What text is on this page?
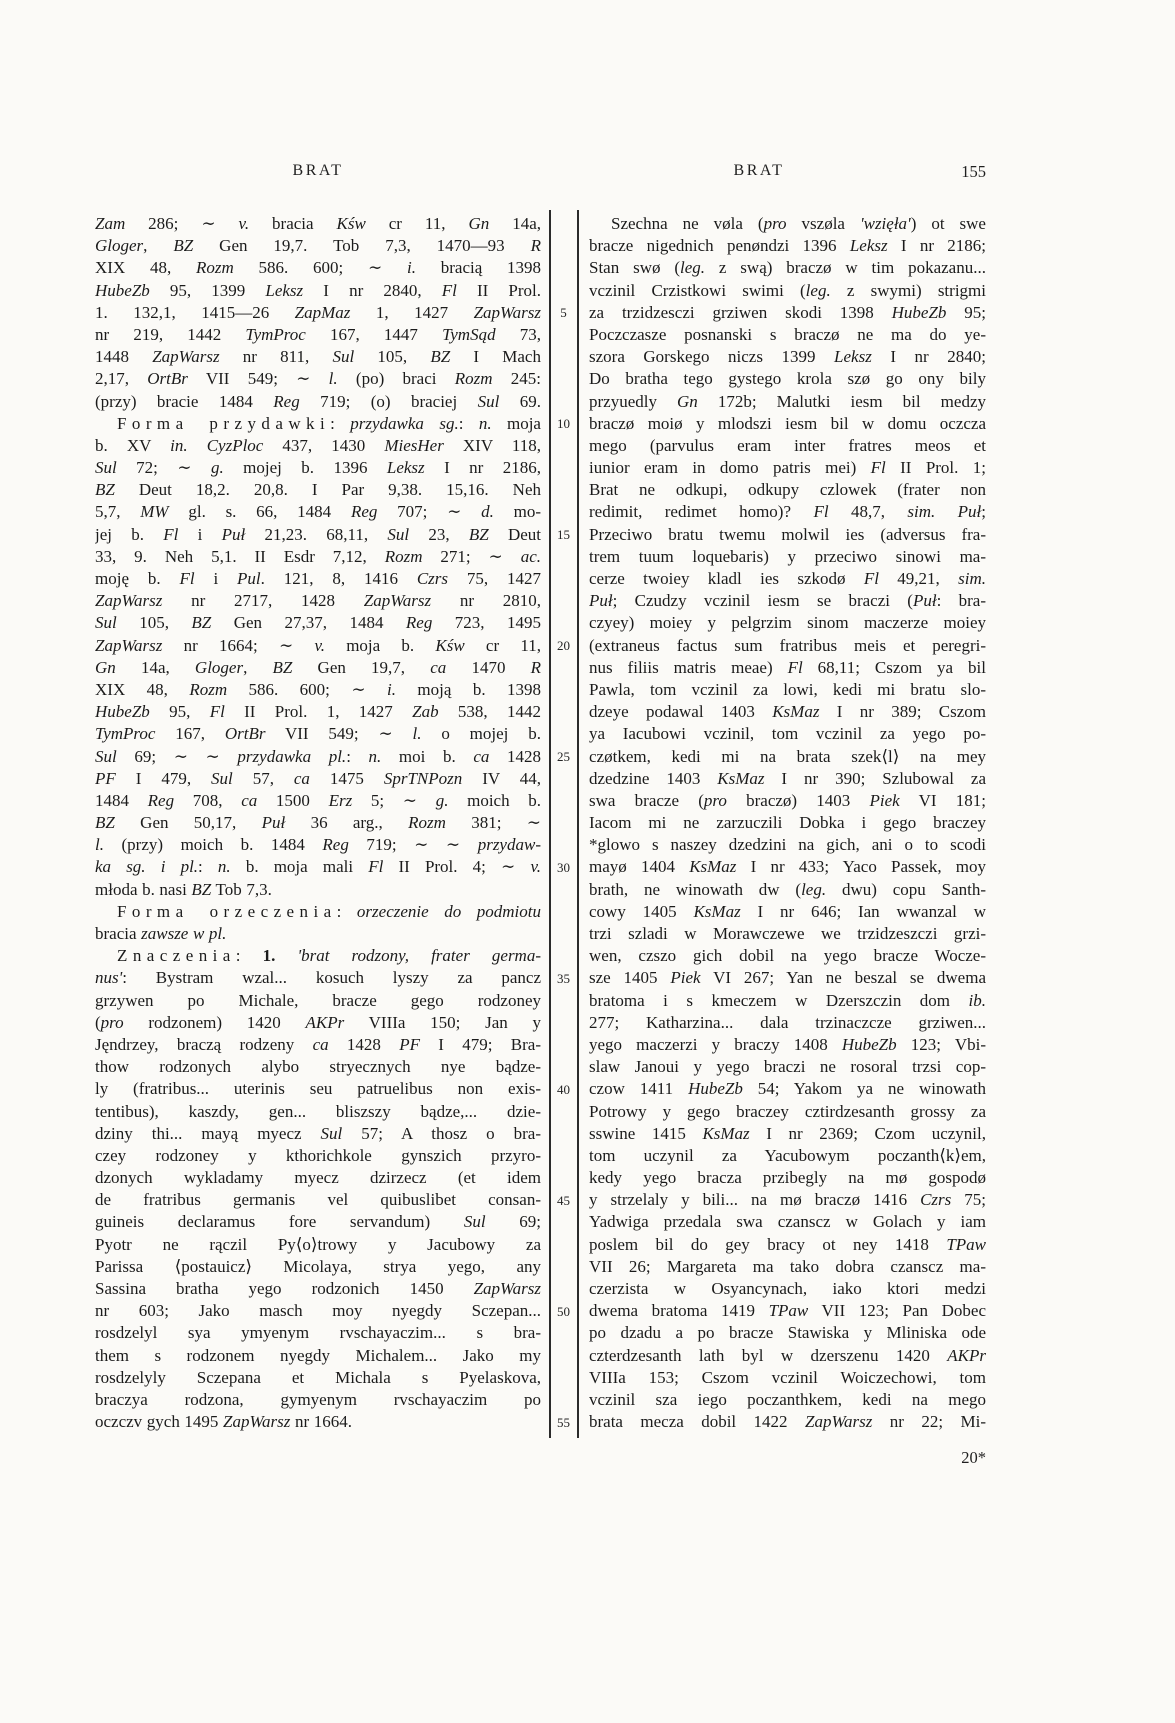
BRAT	BRAT	155
Zam 286; ∼ v. bracia Kśw cr 11, Gn 14a,
Gloger, BZ Gen 19,7. Tob 7,3, 1470—93 R
XIX 48, Rozm 586. 600; ∼ i. bracią 1398
HubeZb 95, 1399 Leksz I nr 2840, Fl II Prol.
1. 132,1, 1415—26 ZapMaz 1, 1427 ZapWarsz
nr 219, 1442 TymProc 167, 1447 TymSąd 73,
1448 ZapWarsz nr 811, Sul 105, BZ I Mach
2,17, OrtBr VII 549; ∼ l. (po) braci Rozm 245:
(przy) bracie 1484 Reg 719; (o) braciej Sul 69.
Forma przydawki: przydawka sg.: n. moja
b. XV in. CyzPloc 437, 1430 MiesHer XIV 118,
Sul 72; ∼ g. mojej b. 1396 Leksz I nr 2186,
BZ Deut 18,2. 20,8. I Par 9,38. 15,16. Neh
5,7, MW gl. s. 66, 1484 Reg 707; ∼ d. mo-
jej b. Fl i Puł 21,23. 68,11, Sul 23, BZ Deut
33, 9. Neh 5,1. II Esdr 7,12, Rozm 271; ∼ ac.
moję b. Fl i Pul. 121, 8, 1416 Czrs 75, 1427
ZapWarsz nr 2717, 1428 ZapWarsz nr 2810,
Sul 105, BZ Gen 27,37, 1484 Reg 723, 1495
ZapWarsz nr 1664; ∼ v. moja b. Kśw cr 11,
Gn 14a, Gloger, BZ Gen 19,7, ca 1470 R
XIX 48, Rozm 586. 600; ∼ i. moją b. 1398
HubeZb 95, Fl II Prol. 1, 1427 Zab 538, 1442
TymProc 167, OrtBr VII 549; ∼ l. o mojej b.
Sul 69; ∼ ∼ przydawka pl.: n. moi b. ca 1428
PF I 479, Sul 57, ca 1475 SprTNPozn IV 44,
1484 Reg 708, ca 1500 Erz 5; ∼ g. moich b.
BZ Gen 50,17, Puł 36 arg., Rozm 381; ∼
l. (przy) moich b. 1484 Reg 719; ∼ ∼ przydaw-
ka sg. i pl.: n. b. moja mali Fl II Prol. 4; ∼ v.
młoda b. nasi BZ Tob 7,3.
Forma orzeczenia: orzeczenie do podmiotu
bracia zawsze w pl.
Znaczenia: 1. 'brat rodzony, frater germa-
nus': Bystram wzal... kosuch lyszy za pancz
grzywen po Michale, bracze gego rodzoney
(pro rodzonem) 1420 AKPr VIIIa 150; Jan y
Jęndrzey, braczą rodzeny ca 1428 PF I 479; Bra-
thow rodzonych alybo stryecznych nye bądze-
ly (fratribus... uterinis seu patruelibus non exis-
tentibus), kaszdy, gen... bliszszy bądze,... dzie-
dziny thi... mayą myecz Sul 57; A thosz o bra-
czey rodzoney y kthorichkole gynszich przyro-
dzonych wykladamy myecz dzirzecz (et idem
de fratribus germanis vel quibuslibet consan-
guineis declaramus fore servandum) Sul 69;
Pyotr ne rączil Py⟨o⟩trowy y Jacubowy za
Parissa ⟨postauicz⟩ Micolaya, strya yego, any
Sassina bratha yego rodzonich 1450 ZapWarsz
nr 603; Jako masch moy nyegdy Sczepan...
rosdzelyl sya ymyenym rvschayaczim... s bra-
them s rodzonem nyegdy Michalem... Jako my
rosdzelyly Sczepana et Michala s Pyelaskova,
braczya rodzona, gymyenym rvschayaczim po
oczczv gych 1495 ZapWarsz nr 1664.
5
10
15
20
25
30
35
40
45
50
55
Szechna ne vøla (pro vszøla 'wzięła') ot swe
bracze nigednich penøndzi 1396 Leksz I nr 2186;
Stan swø (leg. z swą) braczø w tim pokazanu...
vczinil Crzistkowi swimi (leg. z swymi) strigmi
za trzidzesczi grziwen skodi 1398 HubeZb 95;
Poczczasze posnanski s braczø ne ma do ye-
szora Gorskego niczs 1399 Leksz I nr 2840;
Do bratha tego gystego krola szø go ony bily
przyuedly Gn 172b; Malutki iesm bil medzy
braczø moiø y mlodszi iesm bil w domu oczcza
mego (parvulus eram inter fratres meos et
iunior eram in domo patris mei) Fl II Prol. 1;
Brat ne odkupi, odkupy czlowek (frater non
redimit, redimet homo)? Fl 48,7, sim. Puł;
Przeciwo bratu twemu molwil ies (adversus fra-
trem tuum loquebaris) y przeciwo sinowi ma-
cerze twoiey kladl ies szkodø Fl 49,21, sim.
Puł; Czudzy vczinil iesm se braczi (Puł: bra-
czyey) moiey y pelgrzim sinom maczerze moiey
(extraneus factus sum fratribus meis et peregri-
nus filiis matris meae) Fl 68,11; Cszom ya bil
Pawla, tom vczinil za lowi, kedi mi bratu slo-
dzeye podawal 1403 KsMaz I nr 389; Cszom
ya Iacubowi vczinil, tom vczinil za yego po-
czøtkem, kedi mi na brata szek⟨l⟩ na mey
dzedzine 1403 KsMaz I nr 390; Szlubowal za
swa bracze (pro braczø) 1403 Piek VI 181;
Iacom mi ne zarzuczili Dobka i gego braczey
*glowo s naszey dzedzini na gich, ani o to scodi
mayø 1404 KsMaz I nr 433; Yaco Passek, moy
brath, ne winowath dw (leg. dwu) copu Santh-
cowy 1405 KsMaz I nr 646; Ian wwanzal w
trzi szladi w Morawczewe we trzidzeszczi grzi-
wen, czszo gich dobil na yego bracze Wocze-
sze 1405 Piek VI 267; Yan ne beszal se dwema
bratoma i s kmeczem w Dzerszczin dom ib.
277; Katharzina... dala trzinaczcze grziwen...
yego maczerzi y braczy 1408 HubeZb 123; Vbi-
slaw Janoui y yego braczi ne rosoral trzsi cop-
czow 1411 HubeZb 54; Yakom ya ne winowath
Potrowy y gego braczey cztirdzesanth grossy za
sswine 1415 KsMaz I nr 2369; Czom uczynil,
tom uczynil za Yacubowym poczanth⟨k⟩em,
kedy yego bracza przibegly na mø gospodø
y strzelaly y bili... na mø braczø 1416 Czrs 75;
Yadwiga przedala swa czanscz w Golach y iam
poslem bil do gey bracy ot ney 1418 TPaw
VII 26; Margareta ma tako dobra czanscz ma-
czerzista w Osyancynach, iako ktori medzi
dwema bratoma 1419 TPaw VII 123; Pan Dobec
po dzadu a po bracze Stawiska y Mliniska ode
czterdzesanth lath byl w dzerszenu 1420 AKPr
VIIIa 153; Cszom vczinil Woiczechowi, tom
vczinil sza iego poczanthkem, kedi na mego
brata mecza dobil 1422 ZapWarsz nr 22; Mi-
20*
